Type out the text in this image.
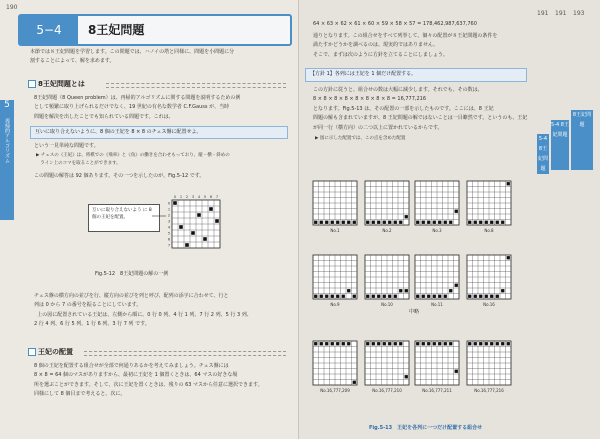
190
5−4	8王妃問題
本節では８王妃問題を学習します。この問題では、ハノイの塔と同様に、問題を小問題に分
割することによって、解を求めます。
5
再帰的アルゴリズム
8王妃問題とは
8王妃問題（8 Queen problem）は、再帰的アルゴリズムに関する問題を説明するための例
として頻繁に取り上げられるだけでなく、19 世紀の有名な数学者 C.F.Gauss が、当時
問題を解決を出したことでも知られている問題です。これは、
互いに取り合えないように、8 個の王妃を 8 × 8 のチェス盤に配置せよ。
という一見単純な問題です。
▶ チェスの《王妃》は、将棋での《飛車》と《角》の働きを合わせもっており、縦・横・斜めの
ライン上のコマを取ることができます。
この問題の解答は 92 個あります。その一つを示したのが、Fig.5-12 です。
互いに取り合えないよう に 8 個の王妃を配置。
0
0
1
1
2
2
3
3
4
4
5
5
6
6
7
7
Fig.5-12　8王妃問題の解の一例
チェス盤の横方向の並びを行、縦方向の並びを列と呼び、配列の添字に合わせて、行と
列は 0 から 7 の番号を振ることにしています。
上の図に配置されている王妃は、左側から順に、0 行 0 列、4 行 1 列、7 行 2 列、5 行 3 列、
2 行 4 列、6 行 5 列、1 行 6 列、3 行 7 列 です。
王妃の配置
8 個の王妃を配置する組合せが全部で何通りあるかを考えてみましょう。チェス盤には
8 × 8 = 64 個のマスがありますから、最初に王妃を 1 個置くときは、64 マスの好きな場
所を選ぶことができます。そして、次に王妃を置くときは、残りの 63 マスから任意に選択できます。
同様にして 8 個目まで考えると、次に。
191 191 193
64 × 63 × 62 × 61 × 60 × 59 × 58 × 57 = 178,462,987,637,760
通りとなります。この組合せをすべて列挙して、個々の配置が８王妃問題の条件を
満たすかどうかを調べるのは、現実的ではありません。
そこで、まずは次のように方針を立てることにしましょう。
【方針 1】各列には王妃を 1 個だけ配置する。
この方針に従うと、組合せの数は大幅に減少します。それでも、その数は、
8 × 8 × 8 × 8 × 8 × 8 × 8 × 8 = 16,777,216
となります。Fig.5-13 は、その配置の一部を示したものです。ここには、8 王妃
問題の解も含まれていますが、8 王妃問題の解ではないことは一目瞭然です。というのも、王妃
が同一行（横方向）の二つ以上に置かれているからです。
▶ 図に示した配置では、この点を含めた配置	5-4 8王妃問題
5-4 8王妃問題
8王妃問題
No.1	No.2	No.3	No.8
No.9	No.10	No.11	No.16
No.16,777,209	No.16,777,210	No.16,777,211	No.16,777,216
中略
Fig.5-13　王妃を各列に一つだけ配置する組合せ
